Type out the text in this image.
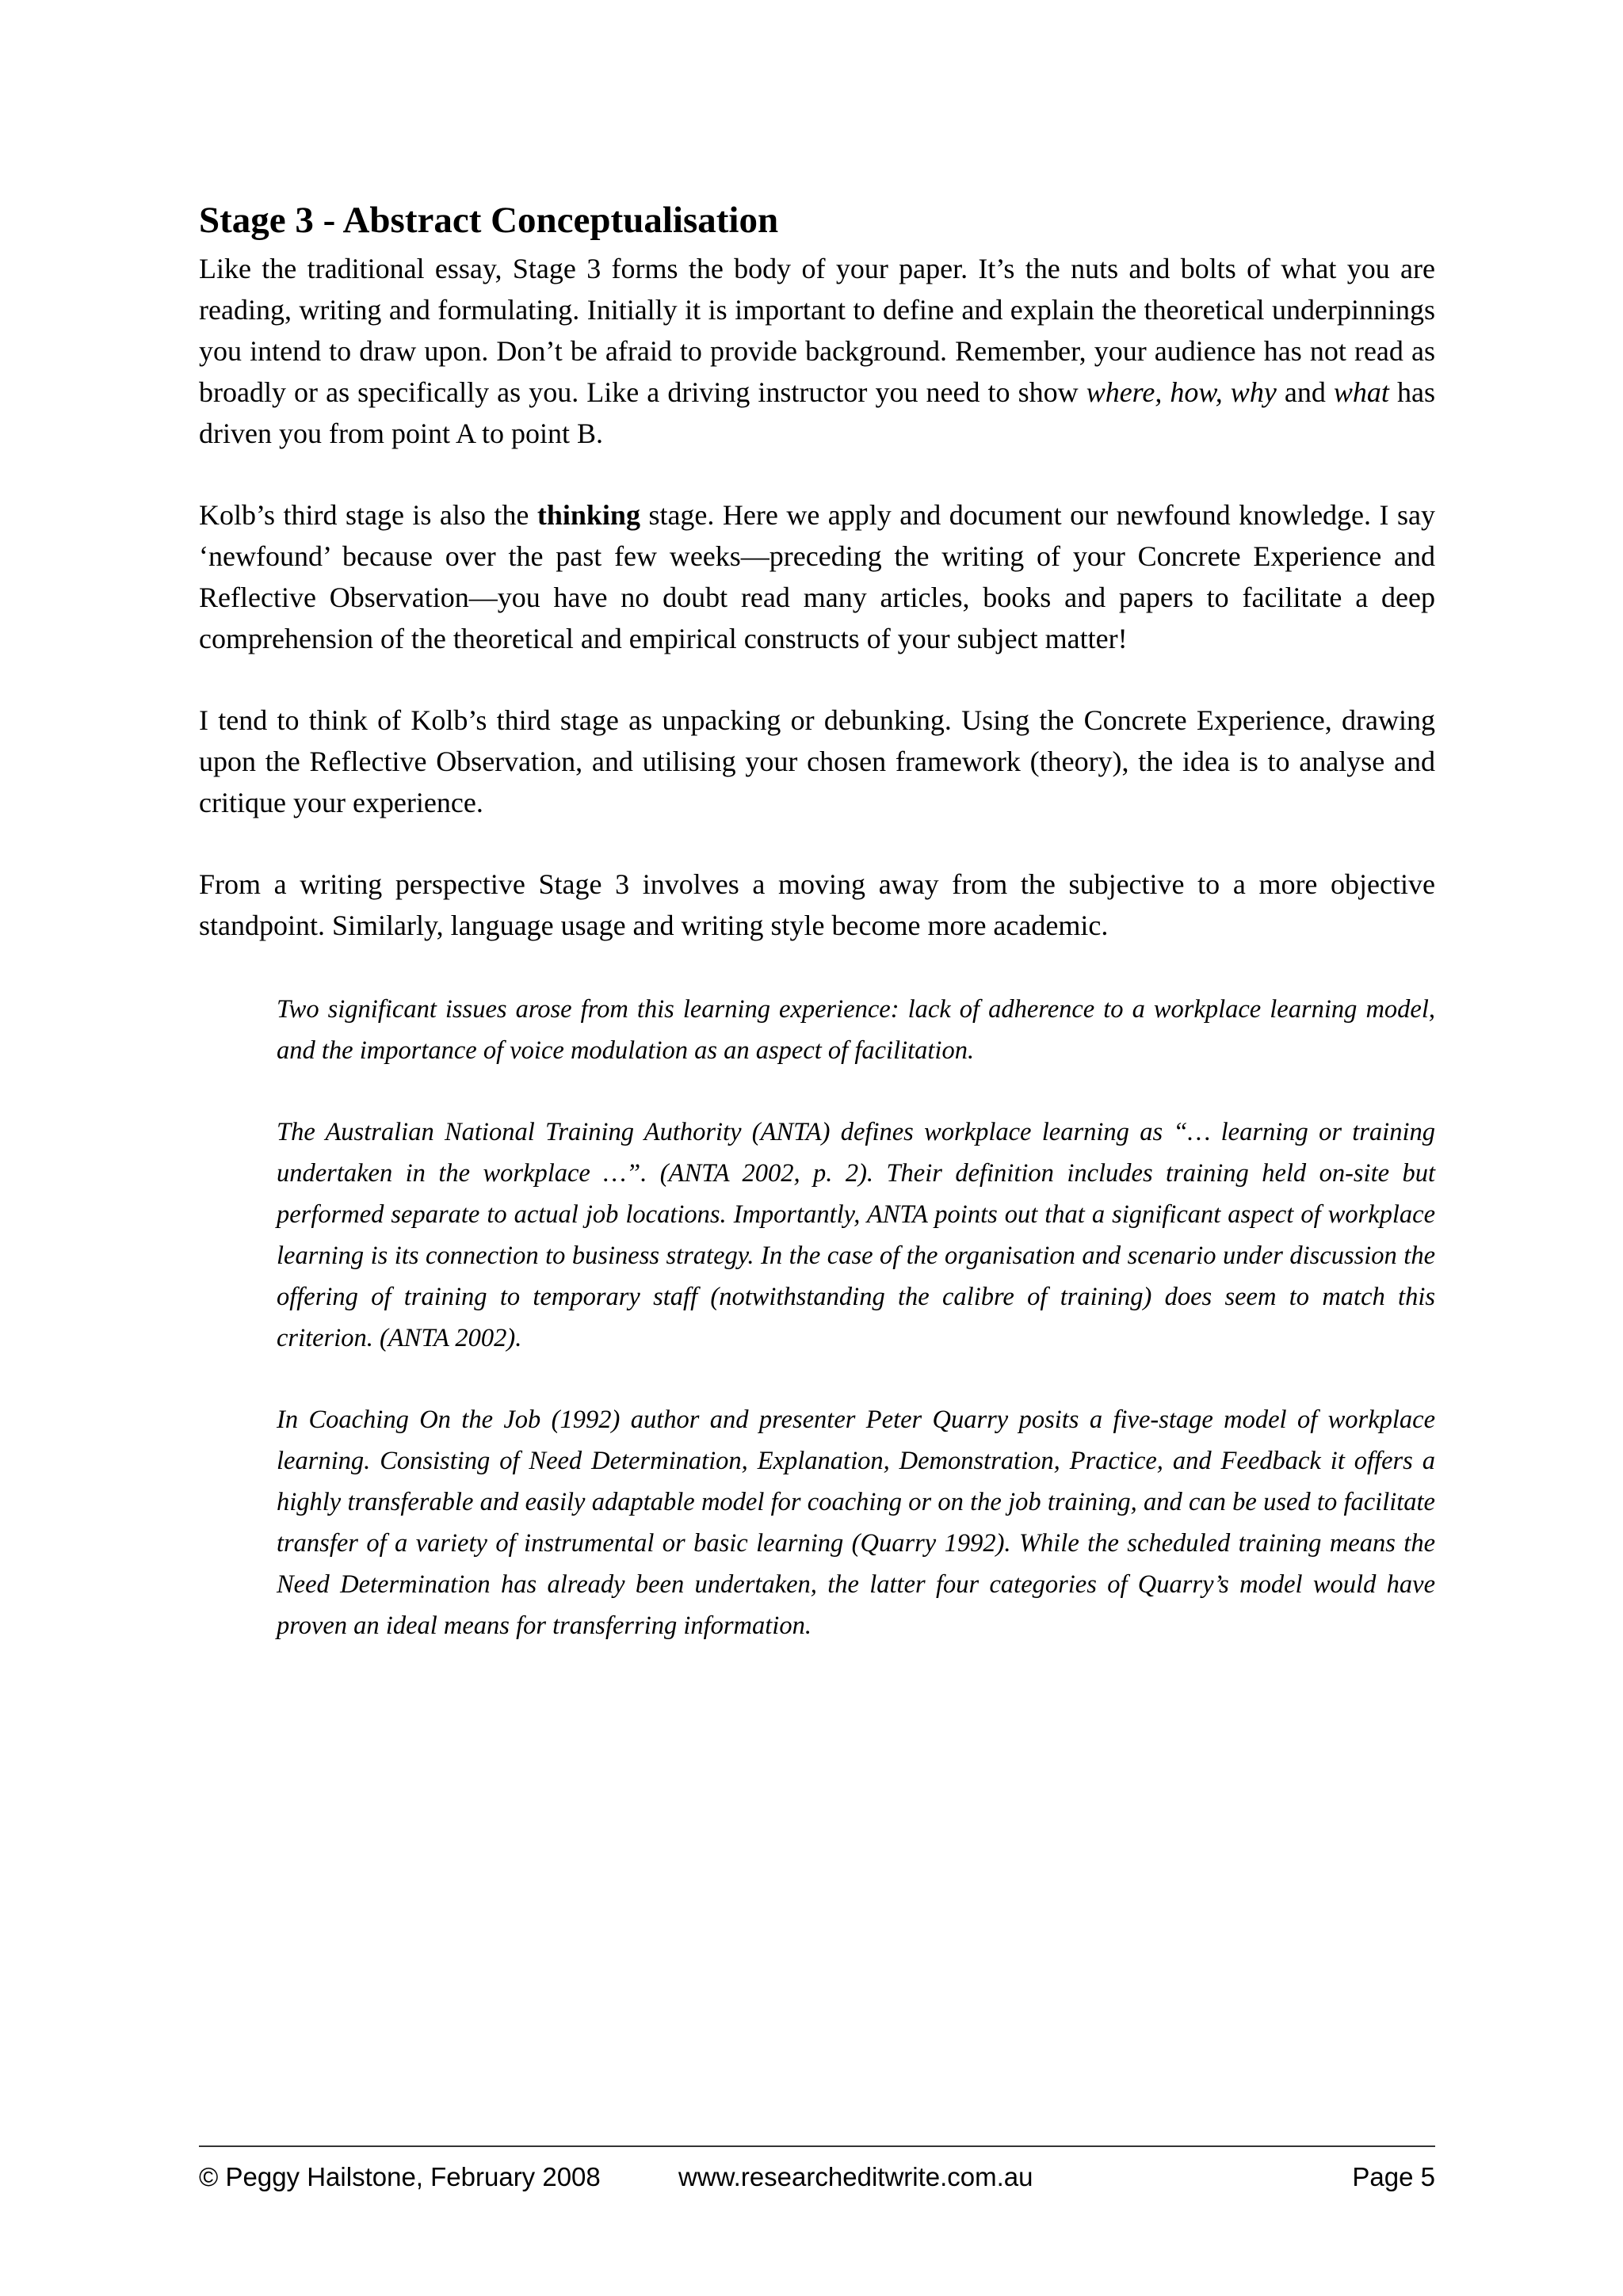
Stage 3 - Abstract Conceptualisation

Like the traditional essay, Stage 3 forms the body of your paper. It’s the nuts and bolts of what you are reading, writing and formulating. Initially it is important to define and explain the theoretical underpinnings you intend to draw upon. Don’t be afraid to provide background. Remember, your audience has not read as broadly or as specifically as you. Like a driving instructor you need to show where, how, why and what has driven you from point A to point B.

Kolb’s third stage is also the thinking stage. Here we apply and document our newfound knowledge. I say ‘newfound’ because over the past few weeks—preceding the writing of your Concrete Experience and Reflective Observation—you have no doubt read many articles, books and papers to facilitate a deep comprehension of the theoretical and empirical constructs of your subject matter!

I tend to think of Kolb’s third stage as unpacking or debunking. Using the Concrete Experience, drawing upon the Reflective Observation, and utilising your chosen framework (theory), the idea is to analyse and critique your experience.

From a writing perspective Stage 3 involves a moving away from the subjective to a more objective standpoint. Similarly, language usage and writing style become more academic.

Two significant issues arose from this learning experience: lack of adherence to a workplace learning model, and the importance of voice modulation as an aspect of facilitation.

The Australian National Training Authority (ANTA) defines workplace learning as “… learning or training undertaken in the workplace …”. (ANTA 2002, p. 2). Their definition includes training held on-site but performed separate to actual job locations. Importantly, ANTA points out that a significant aspect of workplace learning is its connection to business strategy. In the case of the organisation and scenario under discussion the offering of training to temporary staff (notwithstanding the calibre of training) does seem to match this criterion. (ANTA 2002).

In Coaching On the Job (1992) author and presenter Peter Quarry posits a five-stage model of workplace learning. Consisting of Need Determination, Explanation, Demonstration, Practice, and Feedback it offers a highly transferable and easily adaptable model for coaching or on the job training, and can be used to facilitate transfer of a variety of instrumental or basic learning (Quarry 1992). While the scheduled training means the Need Determination has already been undertaken, the latter four categories of Quarry’s model would have proven an ideal means for transferring information.

© Peggy Hailstone, February 2008	www.researcheditwrite.com.au	Page 5
